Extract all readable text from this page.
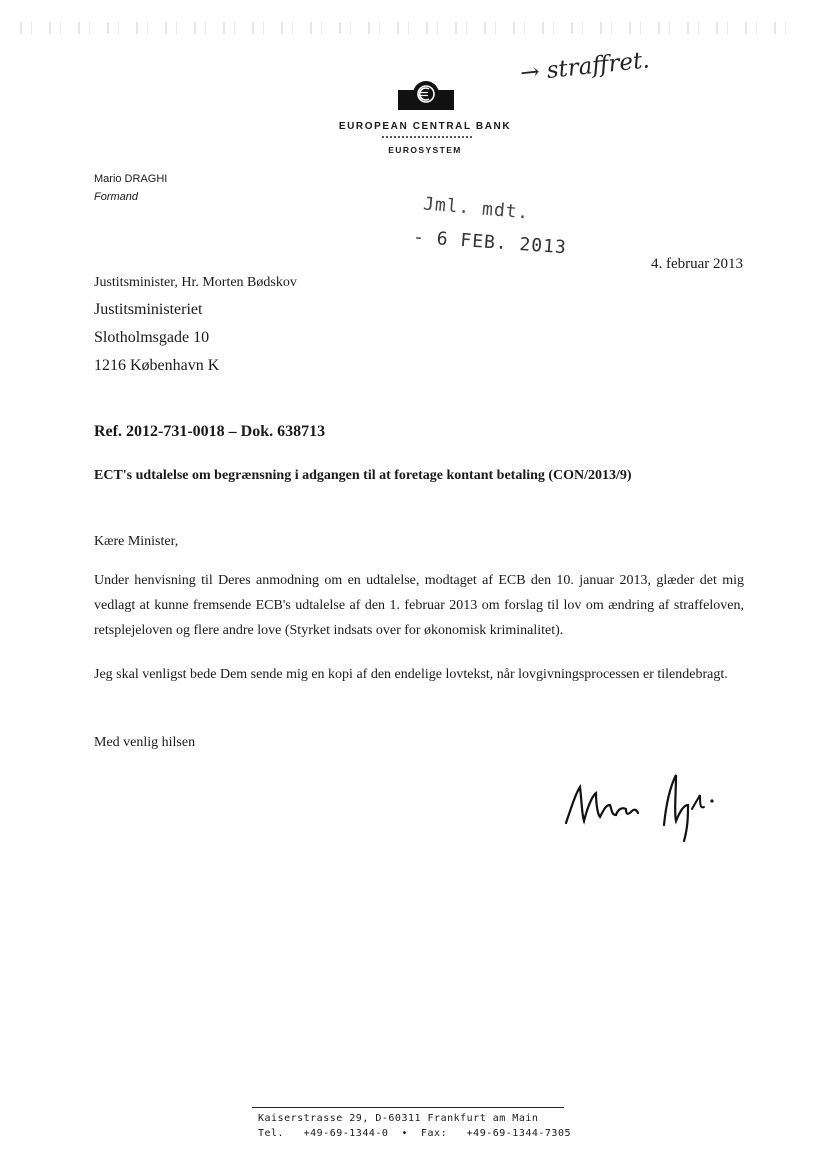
EUROPEAN CENTRAL BANK
EUROSYSTEM
→ straffret.
Mario DRAGHI
Formand	Jml. mdt.
- 6 FEB. 2013
4. februar 2013
Justitsminister, Hr. Morten Bødskov
Justitsministeriet
Slotholmsgade 10
1216 København K
Ref. 2012-731-0018 – Dok. 638713
ECT's udtalelse om begrænsning i adgangen til at foretage kontant betaling (CON/2013/9)
Kære Minister,
Under henvisning til Deres anmodning om en udtalelse, modtaget af ECB den 10. januar 2013, glæder det mig vedlagt at kunne fremsende ECB's udtalelse af den 1. februar 2013 om forslag til lov om ændring af straffeloven, retsplejeloven og flere andre love (Styrket indsats over for økonomisk kriminalitet).
Jeg skal venligst bede Dem sende mig en kopi af den endelige lovtekst, når lovgivningsprocessen er tilendebragt.
Med venlig hilsen
Kaiserstrasse 29, D-60311 Frankfurt am Main
Tel.   +49-69-1344-0  •  Fax:   +49-69-1344-7305
